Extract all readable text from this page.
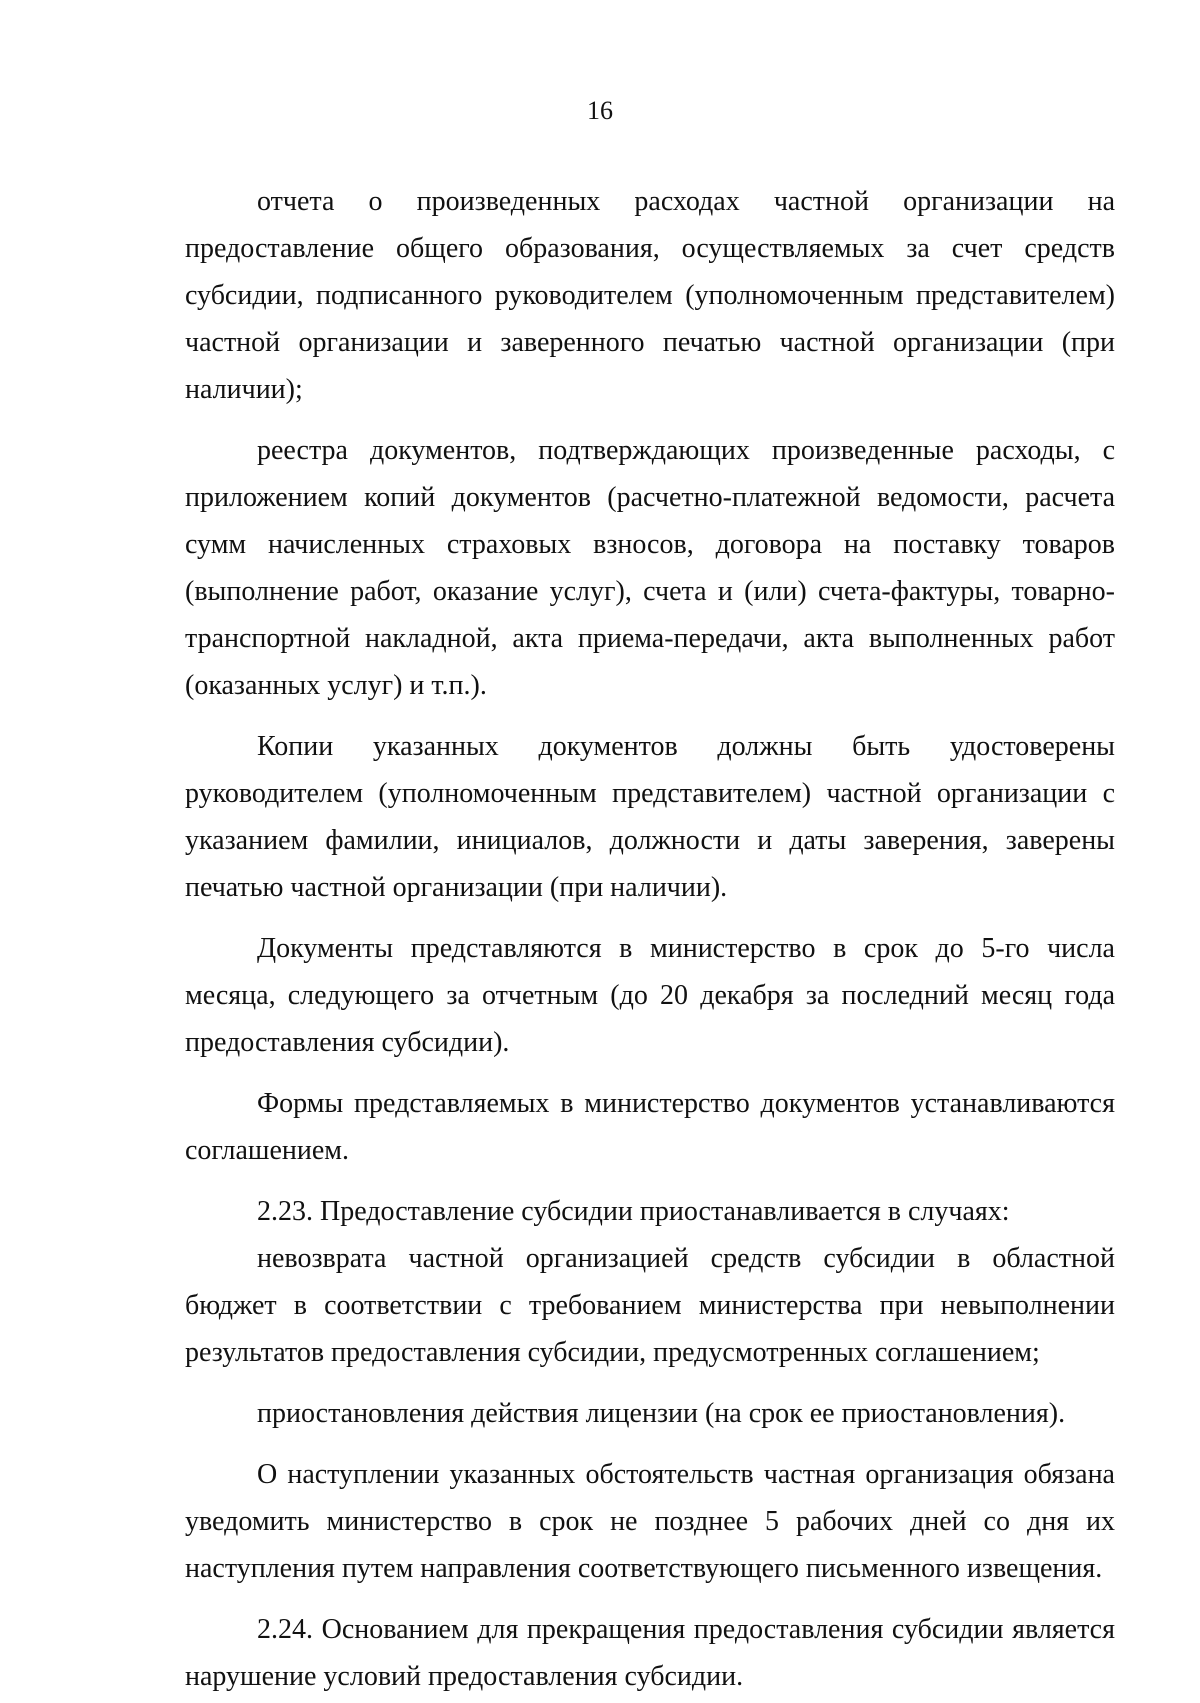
16

отчета о произведенных расходах частной организации на предоставление общего образования, осуществляемых за счет средств субсидии, подписанного руководителем (уполномоченным представителем) частной организации и заверенного печатью частной организации (при наличии);

реестра документов, подтверждающих произведенные расходы, с приложением копий документов (расчетно-платежной ведомости, расчета сумм начисленных страховых взносов, договора на поставку товаров (выполнение работ, оказание услуг), счета и (или) счета-фактуры, товарно-транспортной накладной, акта приема-передачи, акта выполненных работ (оказанных услуг) и т.п.).

Копии указанных документов должны быть удостоверены руководителем (уполномоченным представителем) частной организации с указанием фамилии, инициалов, должности и даты заверения, заверены печатью частной организации (при наличии).

Документы представляются в министерство в срок до 5-го числа месяца, следующего за отчетным (до 20 декабря за последний месяц года предоставления субсидии).

Формы представляемых в министерство документов устанавливаются соглашением.

2.23. Предоставление субсидии приостанавливается в случаях:

невозврата частной организацией средств субсидии в областной бюджет в соответствии с требованием министерства при невыполнении результатов предоставления субсидии, предусмотренных соглашением;

приостановления действия лицензии (на срок ее приостановления).

О наступлении указанных обстоятельств частная организация обязана уведомить министерство в срок не позднее 5 рабочих дней со дня их наступления путем направления соответствующего письменного извещения.

2.24. Основанием для прекращения предоставления субсидии является нарушение условий предоставления субсидии.
